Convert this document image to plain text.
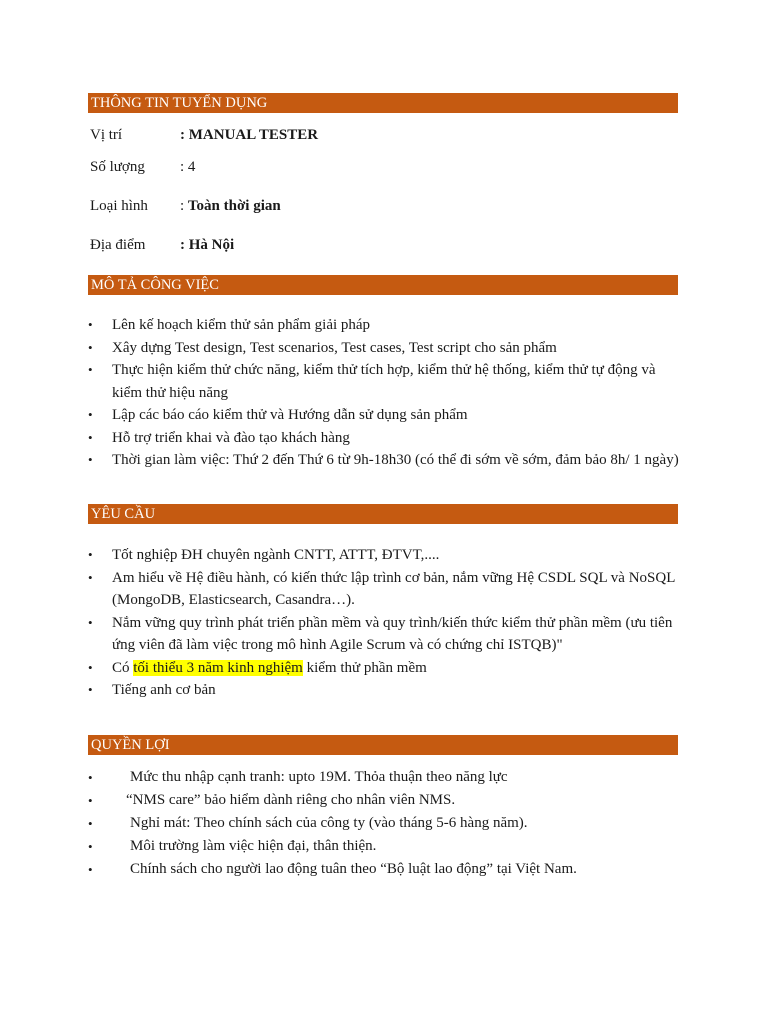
THÔNG TIN TUYỂN DỤNG
Vị trí	: MANUAL TESTER
Số lượng : 4
Loại hình : Toàn thời gian
Địa điểm : Hà Nội
MÔ TẢ CÔNG VIỆC
• Lên kế hoạch kiểm thử sản phẩm giải pháp
• Xây dựng Test design, Test scenarios, Test cases, Test script cho sản phẩm
• Thực hiện kiểm thử chức năng, kiểm thử tích hợp, kiểm thử hệ thống, kiểm thử tự động và kiểm thử hiệu năng
• Lập các báo cáo kiểm thử và Hướng dẫn sử dụng sản phẩm
• Hỗ trợ triển khai và đào tạo khách hàng
• Thời gian làm việc: Thứ 2 đến Thứ 6 từ 9h-18h30 (có thể đi sớm về sớm, đảm bảo 8h/ 1 ngày)
YÊU CẦU
• Tốt nghiệp ĐH chuyên ngành CNTT, ATTT, ĐTVT,....
• Am hiểu về Hệ điều hành, có kiến thức lập trình cơ bản, nắm vững Hệ CSDL SQL và NoSQL (MongoDB, Elasticsearch, Casandra…).
• Nắm vững quy trình phát triển phần mềm và quy trình/kiến thức kiểm thử phần mềm (ưu tiên ứng viên đã làm việc trong mô hình Agile Scrum và có chứng chỉ ISTQB)"
• Có tối thiểu 3 năm kinh nghiệm kiểm thử phần mềm
• Tiếng anh cơ bản
QUYỀN LỢI
• Mức thu nhập cạnh tranh: upto 19M. Thỏa thuận theo năng lực
• “NMS care” bảo hiểm dành riêng cho nhân viên NMS.
• Nghỉ mát: Theo chính sách của công ty (vào tháng 5-6 hàng năm).
• Môi trường làm việc hiện đại, thân thiện.
• Chính sách cho người lao động tuân theo “Bộ luật lao động” tại Việt Nam.
